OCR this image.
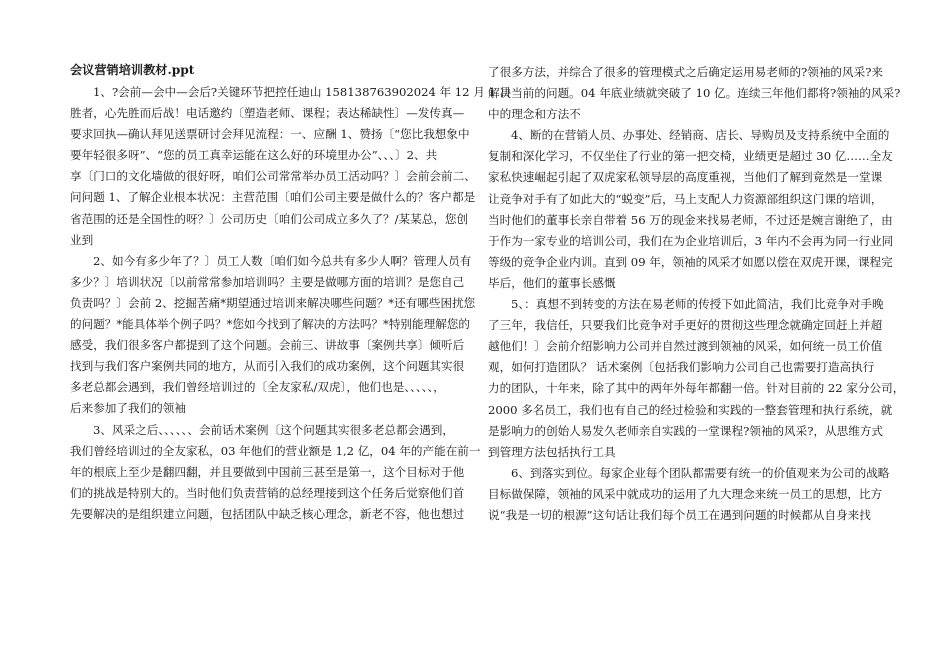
会议营销培训教材.ppt
1、?会前—会中—会后?关键环节把控任迪山 15813876390​2024 年 12 月 1 日
胜者，心先胜而后战！电话邀约〔塑造老师、课程；表达稀缺性〕—发传真—
要求回执—确认拜见送票研讨会拜见流程：一、应酬 1、赞扬〔“您比我想象中
要年轻很多呀”、“您的员工真幸运能在这么好的环境里办公”、、、〕2、共
享〔门口的文化墙做的很好呀，咱们公司常常举办员工活动吗？〕会前会前二、
问问题 1、了解企业根本状况：主营范围〔咱们公司主要是做什么的？客户都是
省范围的还是全国性的呀？〕公司历史〔咱们公司成立多久了？/某某总，您创
业到
2、如今有多少年了？〕员工人数〔咱们如今总共有多少人啊？管理人员有
多少？〕培训状况〔以前常常参加培训吗？主要是做哪方面的培训？是您自己
负责吗？〕会前 2、挖掘苦痛*期望通过培训来解决哪些问题？*还有哪些困扰您
的问题？*能具体举个例子吗？*您如今找到了解决的方法吗？*特别能理解您的
感受，我们很多客户都提到了这个问题。会前三、讲故事〔案例共享〕倾听后
找到与我们客户案例共同的地方，从而引入我们的成功案例，这个问题其实很
多老总都会遇到，我们曾经培训过的〔全友家私/双虎〕，他们也是、、、、、，
后来参加了我们的领袖
3、风采之后、、、、、、会前话术案例〔这个问题其实很多老总都会遇到，
我们曾经培训过的全友家私，03 年他们的营业额是 1,2 亿，04 年的产能在前一
年的根底上至少是翻四翻，并且要做到中国前三甚至是第一，这个目标对于他
们的挑战是特别大的。当时他们负责营销的总经理接到这个任务后觉察他们首
先要解决的是组织建立问题，包括团队中缺乏核心理念，新老不容，他也想过
了很多方法，并综合了很多的管理模式之后确定运用易老师的?领袖的风采?来
解决当前的问题。04 年底业绩就突破了 10 亿。连续三年他们都将?领袖的风采?
中的理念和方法不
4、断的在营销人员、办事处、经销商、店长、导购员及支持系统中全面的
复制和深化学习，不仅坐住了行业的第一把交椅，业绩更是超过 30 亿……全友
家私快速崛起引起了双虎家私领导层的高度重视，当他们了解到竟然是一堂课
让竞争对手有了如此大的“蜕变”后，马上支配人力资源部组织这门课的培训，
当时他们的董事长亲自带着 56 万的现金来找易老师，不过还是婉言谢绝了，由
于作为一家专业的培训公司，我们在为企业培训后，3 年内不会再为同一行业同
等级的竞争企业内训。直到 09 年，领袖的风采才如愿以偿在双虎开课，课程完
毕后，他们的董事长感慨
5、：真想不到转变的方法在易老师的传授下如此简洁，我们比竞争对手晚
了三年，我信任，只要我们比竞争对手更好的贯彻这些理念就确定回赶上并超
越他们！〕会前介绍影响力公司并自然过渡到领袖的风采，如何统一员工价值
观，如何打造团队？ 话术案例〔包括我们影响力公司自己也需要打造高执行
力的团队，十年来，除了其中的两年外每年都翻一倍。针对目前的 22 家分公司，
2000 多名员工，我们也有自己的经过检验和实践的一整套管理和执行系统，就
是影响力的创始人易发久老师亲自实践的一堂课程?领袖的风采?，从思维方式
到管理方法包括执行工具
6、到落实到位。每家企业每个团队都需要有统一的价值观来为公司的战略
目标做保障，领袖的风采中就成功的运用了九大理念来统一员工的思想，比方
说“我是一切的根源”这句话让我们每个员工在遇到问题的时候都从自身来找
